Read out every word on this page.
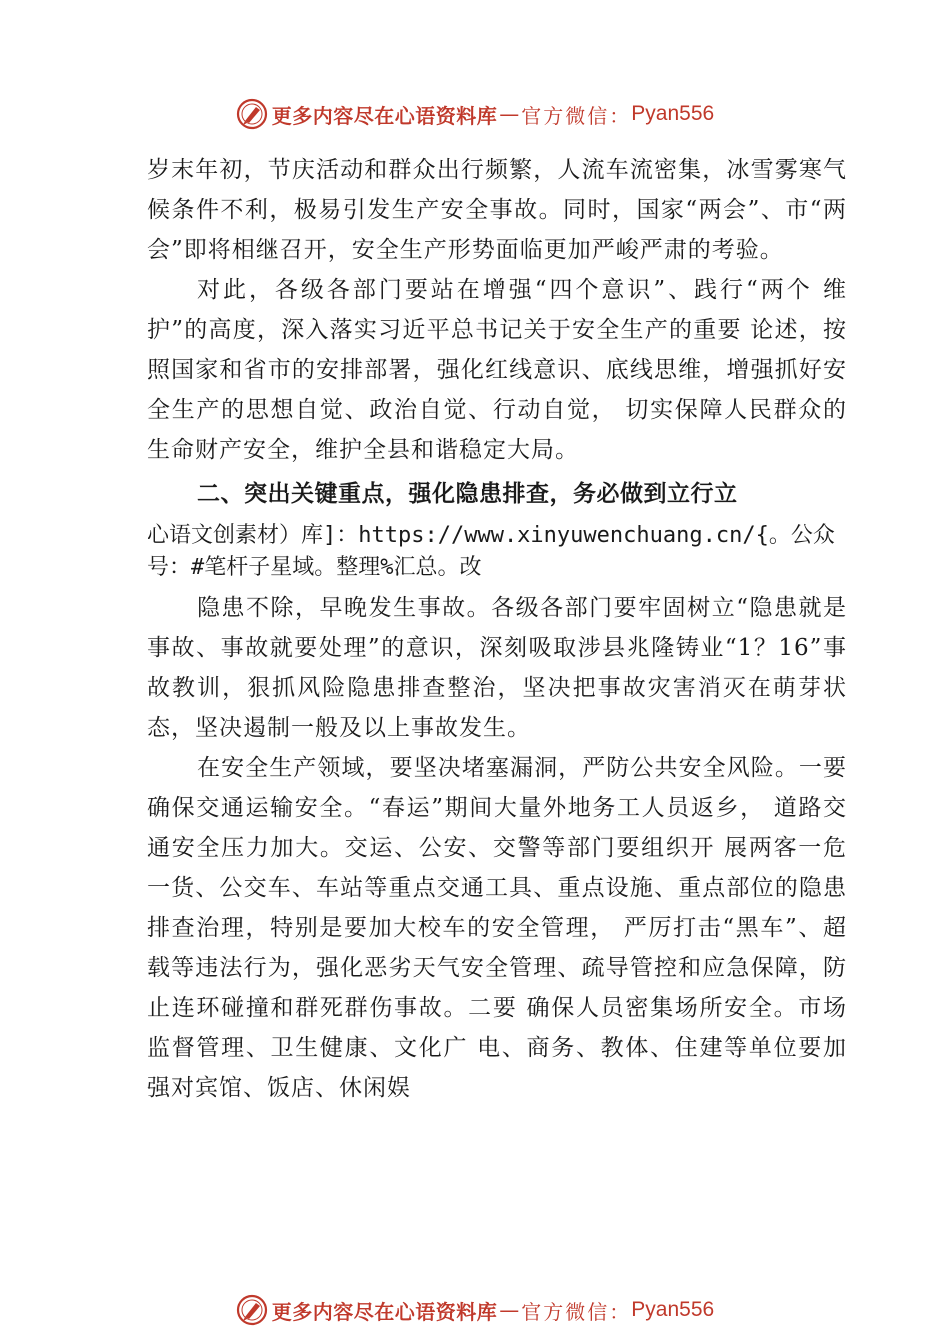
更多内容尽在心语资料库 — 官方微信： Pyan556

岁末年初，节庆活动和群众出行频繁，人流车流密集，冰雪雾寒气候条件不利，极易引发生产安全事故。同时，国家“两会”、市“两会”即将相继召开，安全生产形势面临更加严峻严肃的考验。

对此，各级各部门要站在增强“四个意识”、践行“两个 维护”的高度，深入落实习近平总书记关于安全生产的重要 论述，按照国家和省市的安排部署，强化红线意识、底线思维，增强抓好安全生产的思想自觉、政治自觉、行动自觉， 切实保障人民群众的生命财产安全，维护全县和谐稳定大局。

二、突出关键重点，强化隐患排查，务必做到立行立

心语文创素材）库]：https://www.xinyuwenchuang.cn/{。公众号：#笔杆子星域。整理%汇总。改

隐患不除，早晚发生事故。各级各部门要牢固树立“隐患就是事故、事故就要处理”的意识，深刻吸取涉县兆隆铸业“1？16”事故教训，狠抓风险隐患排查整治，坚决把事故灾害消灭在萌芽状态，坚决遏制一般及以上事故发生。

在安全生产领域，要坚决堵塞漏洞，严防公共安全风险。一要确保交通运输安全。“春运”期间大量外地务工人员返乡， 道路交通安全压力加大。交运、公安、交警等部门要组织开 展两客一危一货、公交车、车站等重点交通工具、重点设施、重点部位的隐患排查治理，特别是要加大校车的安全管理， 严厉打击“黑车”、超载等违法行为，强化恶劣天气安全管理、疏导管控和应急保障，防止连环碰撞和群死群伤事故。二要 确保人员密集场所安全。市场监督管理、卫生健康、文化广 电、商务、教体、住建等单位要加强对宾馆、饭店、休闲娱

更多内容尽在心语资料库 — 官方微信： Pyan556
